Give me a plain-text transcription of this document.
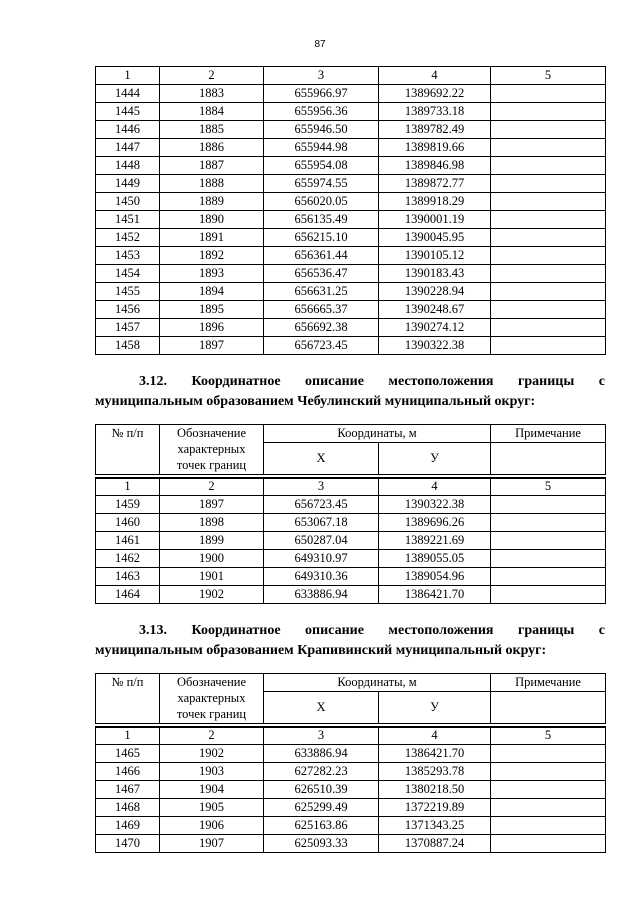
87
1	2	3	4	5
1444	1883	655966.97	1389692.22	
1445	1884	655956.36	1389733.18	
1446	1885	655946.50	1389782.49	
1447	1886	655944.98	1389819.66	
1448	1887	655954.08	1389846.98	
1449	1888	655974.55	1389872.77	
1450	1889	656020.05	1389918.29	
1451	1890	656135.49	1390001.19	
1452	1891	656215.10	1390045.95	
1453	1892	656361.44	1390105.12	
1454	1893	656536.47	1390183.43	
1455	1894	656631.25	1390228.94	
1456	1895	656665.37	1390248.67	
1457	1896	656692.38	1390274.12	
1458	1897	656723.45	1390322.38	
3.12. Координатное описание местоположения границы с
муниципальным образованием Чебулинский муниципальный округ:
№ п/п	Обозначение
характерных
точек границ	Координаты, м		Примечание
		X	У	
1	2	3	4	5
1459	1897	656723.45	1390322.38	
1460	1898	653067.18	1389696.26	
1461	1899	650287.04	1389221.69	
1462	1900	649310.97	1389055.05	
1463	1901	649310.36	1389054.96	
1464	1902	633886.94	1386421.70	
3.13. Координатное описание местоположения границы с
муниципальным образованием Крапивинский муниципальный округ:
№ п/п	Обозначение
характерных
точек границ	Координаты, м		Примечание
		X	У	
1	2	3	4	5
1465	1902	633886.94	1386421.70	
1466	1903	627282.23	1385293.78	
1467	1904	626510.39	1380218.50	
1468	1905	625299.49	1372219.89	
1469	1906	625163.86	1371343.25	
1470	1907	625093.33	1370887.24	
